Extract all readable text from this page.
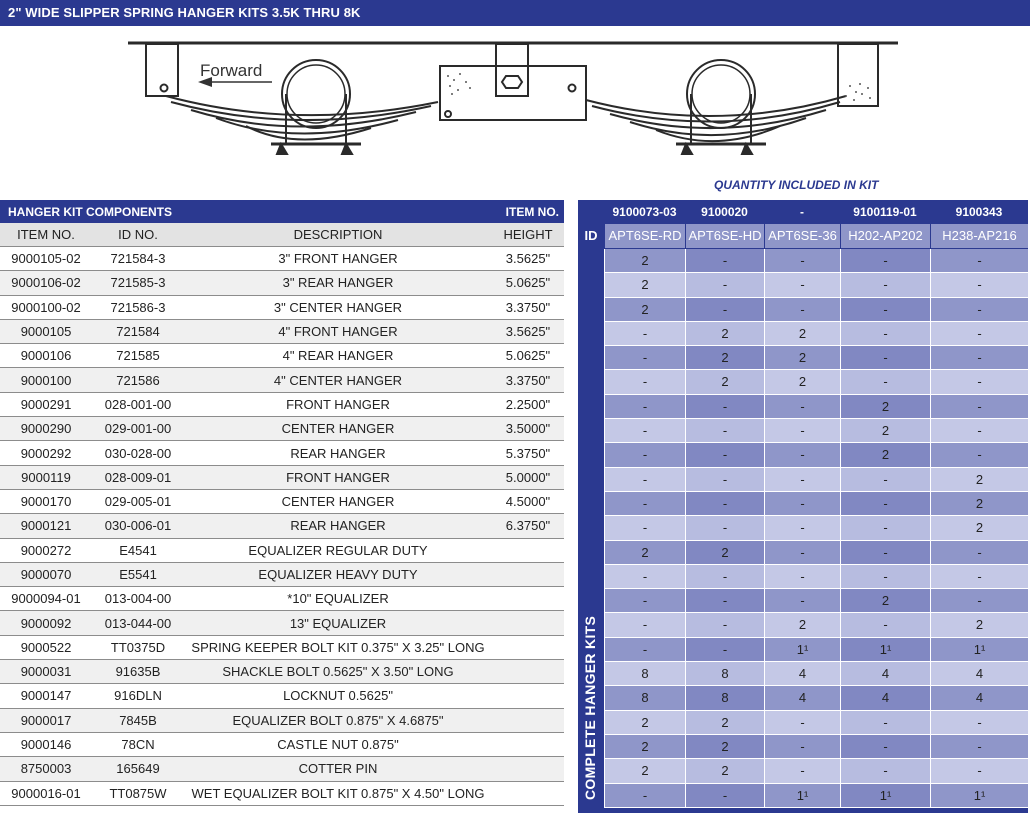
2" WIDE SLIPPER SPRING HANGER KITS 3.5K THRU 8K
Forward
QUANTITY INCLUDED IN KIT
HANGER KIT COMPONENTS	ITEM NO.
ITEM NO.	ID NO.	DESCRIPTION	HEIGHT
9000105-02	721584-3	3" FRONT HANGER	3.5625"
9000106-02	721585-3	3" REAR HANGER	5.0625"
9000100-02	721586-3	3" CENTER HANGER	3.3750"
9000105	721584	4" FRONT HANGER	3.5625"
9000106	721585	4" REAR HANGER	5.0625"
9000100	721586	4" CENTER HANGER	3.3750"
9000291	028-001-00	FRONT HANGER	2.2500"
9000290	029-001-00	CENTER HANGER	3.5000"
9000292	030-028-00	REAR HANGER	5.3750"
9000119	028-009-01	FRONT HANGER	5.0000"
9000170	029-005-01	CENTER HANGER	4.5000"
9000121	030-006-01	REAR HANGER	6.3750"
9000272	E4541	EQUALIZER REGULAR DUTY
9000070	E5541	EQUALIZER HEAVY DUTY
9000094-01	013-004-00	*10" EQUALIZER
9000092	013-044-00	13" EQUALIZER
9000522	TT0375D	SPRING KEEPER BOLT KIT 0.375" X 3.25" LONG
9000031	91635B	SHACKLE BOLT 0.5625" X 3.50" LONG
9000147	916DLN	LOCKNUT 0.5625"
9000017	7845B	EQUALIZER BOLT 0.875" X 4.6875"
9000146	78CN	CASTLE NUT 0.875"
8750003	165649	COTTER PIN
9000016-01	TT0875W	WET EQUALIZER BOLT KIT 0.875" X 4.50" LONG
9100073-03	9100020	-	9100119-01	9100343
ID APT6SE-RD APT6SE-HD APT6SE-36 H202-AP202	H238-AP216
COMPLETE HANGER KITS
2	-	-	-	-
2	-	-	-	-
2	-	-	-	-
-	2	2	-	-
-	2	2	-	-
-	2	2	-	-
-	-	-	2	-
-	-	-	2	-
-	-	-	2	-
-	-	-	-	2
-	-	-	-	2
-	-	-	-	2
2	2	-	-	-
-	-	-	-	-
-	-	-	2	-
-	-	2	-	2
-	-	1¹	1¹	1¹
8	8	4	4	4
8	8	4	4	4
2	2	-	-	-
2	2	-	-	-
2	2	-	-	-
-	-	1¹	1¹	1¹
